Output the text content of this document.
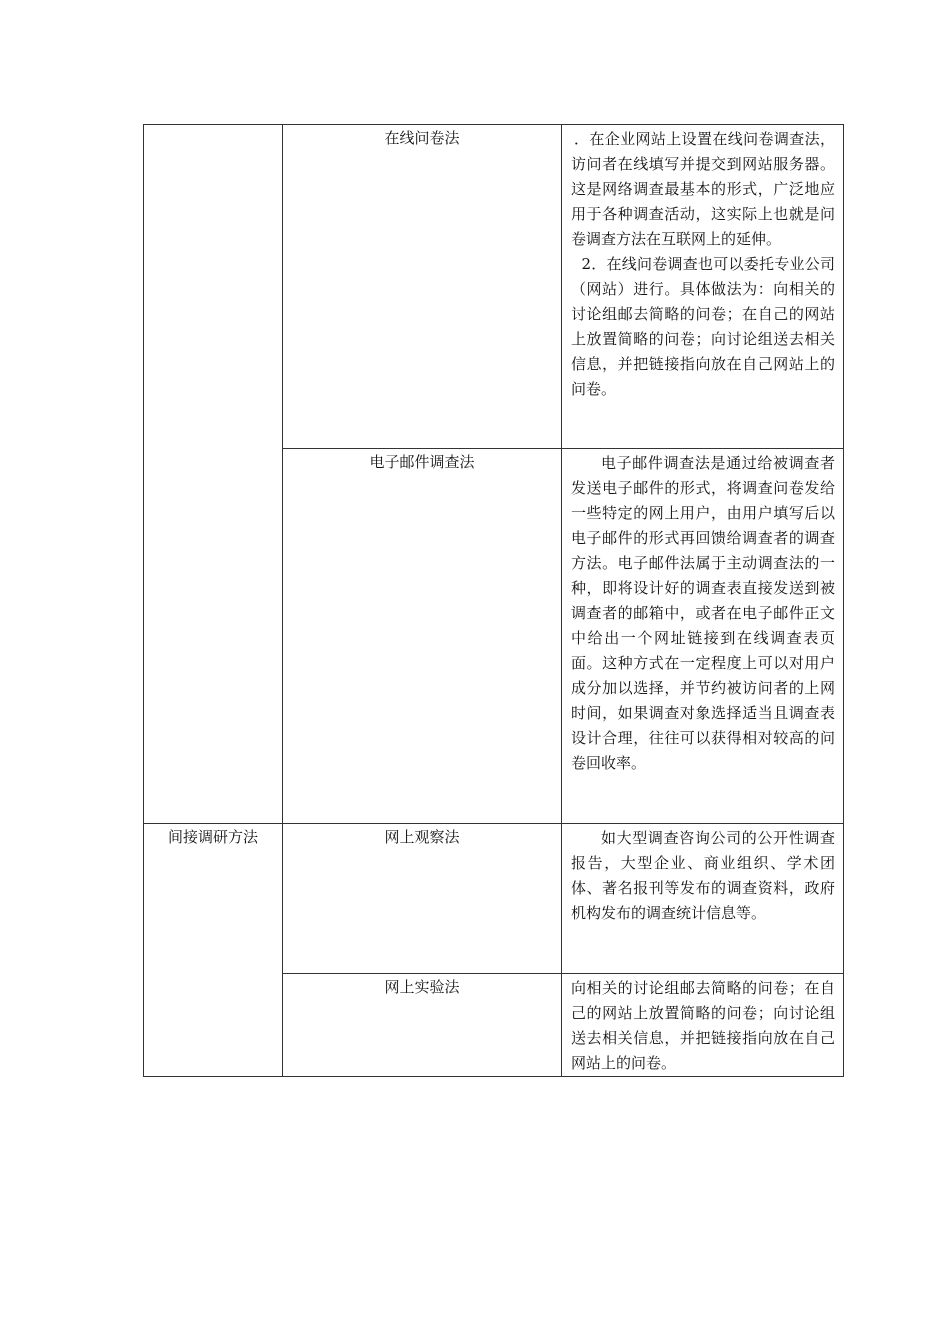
	在线问卷法	．在企业网站上设置在线问卷调查法，访问者在线填写并提交到网站服务器。这是网络调查最基本的形式，广泛地应用于各种调查活动，这实际上也就是问卷调查方法在互联网上的延伸。

2．在线问卷调查也可以委托专业公司（网站）进行。具体做法为：向相关的讨论组邮去简略的问卷；在自己的网站上放置简略的问卷；向讨论组送去相关信息，并把链接指向放在自己网站上的问卷。

	电子邮件调查法	电子邮件调查法是通过给被调查者发送电子邮件的形式，将调查问卷发给一些特定的网上用户，由用户填写后以电子邮件的形式再回馈给调查者的调查方法。电子邮件法属于主动调查法的一种，即将设计好的调查表直接发送到被调查者的邮箱中，或者在电子邮件正文中给出一个网址链接到在线调查表页面。这种方式在一定程度上可以对用户成分加以选择，并节约被访问者的上网时间，如果调查对象选择适当且调查表设计合理，往往可以获得相对较高的问卷回收率。

间接调研方法	网上观察法	如大型调查咨询公司的公开性调查报告，大型企业、商业组织、学术团体、著名报刊等发布的调查资料，政府机构发布的调查统计信息等。

	网上实验法	向相关的讨论组邮去简略的问卷；在自己的网站上放置简略的问卷；向讨论组送去相关信息，并把链接指向放在自己网站上的问卷。
